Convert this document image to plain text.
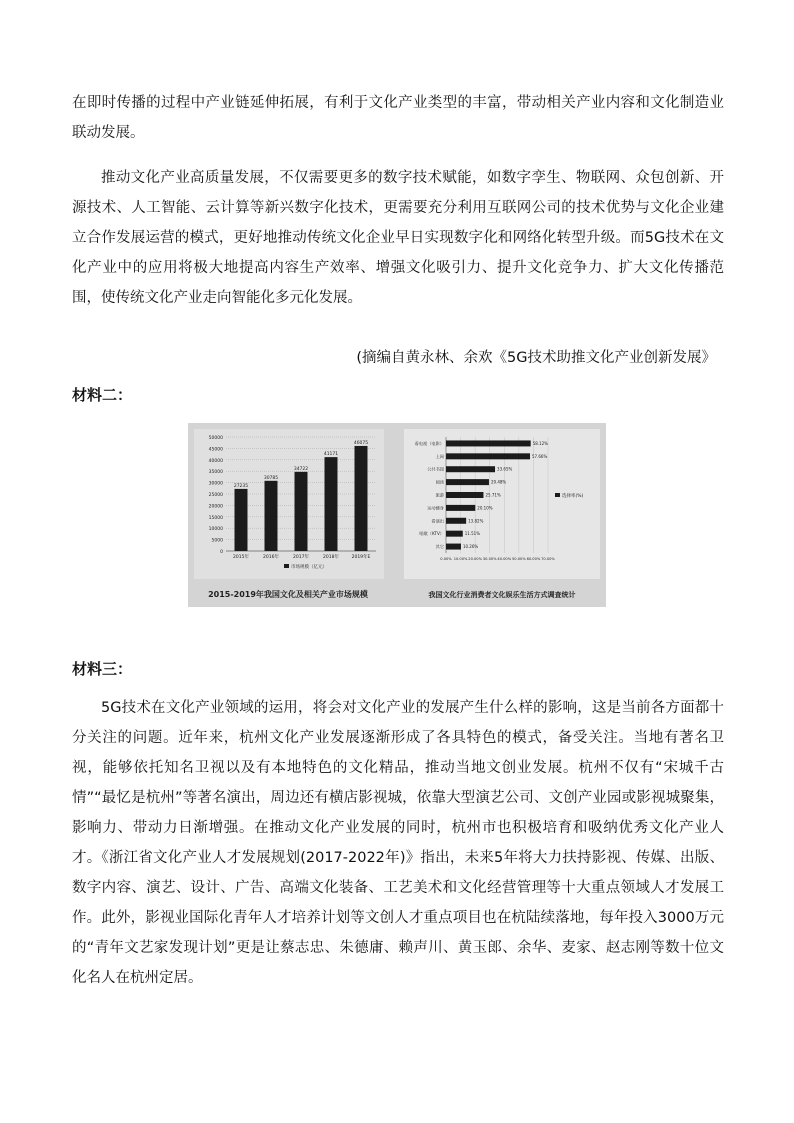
在即时传播的过程中产业链延伸拓展，有利于文化产业类型的丰富，带动相关产业内容和文化制造业联动发展。

推动文化产业高质量发展，不仅需要更多的数字技术赋能，如数字孪生、物联网、众包创新、开源技术、人工智能、云计算等新兴数字化技术，更需要充分利用互联网公司的技术优势与文化企业建立合作发展运营的模式，更好地推动传统文化企业早日实现数字化和网络化转型升级。而5G技术在文化产业中的应用将极大地提高内容生产效率、增强文化吸引力、提升文化竞争力、扩大文化传播范围，使传统文化产业走向智能化多元化发展。

(摘编自黄永林、余欢《5G技术助推文化产业创新发展》
材料二：
0
5000
10000
15000
20000
25000
30000
35000
40000
45000
50000
27235
2015年
30785
2016年
34722
2017年
41171
2018年
46075
2019年E
市场规模（亿元）
0.00% 10.00% 20.00% 30.00% 40.00% 50.00% 60.00% 70.00%
58.12%
看电视（电影）
57.66%
上网
33.65%
公共书园
29.48%
阅读
25.71%
旅游
20.10%
运动健身
13.82%
看演出
11.51%
唱歌（KTV）
10.26%
其它
选择率(%)
2015-2019年我国文化及相关产业市场规模	我国文化行业消费者文化娱乐生活方式调查统计
材料三：

5G技术在文化产业领域的运用，将会对文化产业的发展产生什么样的影响，这是当前各方面都十分关注的问题。近年来，杭州文化产业发展逐渐形成了各具特色的模式，备受关注。当地有著名卫视，能够依托知名卫视以及有本地特色的文化精品，推动当地文创业发展。杭州不仅有“宋城千古情”“最忆是杭州”等著名演出，周边还有横店影视城，依靠大型演艺公司、文创产业园或影视城聚集，影响力、带动力日渐增强。在推动文化产业发展的同时，杭州市也积极培育和吸纳优秀文化产业人才。《浙江省文化产业人才发展规划(2017-2022年)》指出，未来5年将大力扶持影视、传媒、出版、数字内容、演艺、设计、广告、高端文化装备、工艺美术和文化经营管理等十大重点领域人才发展工作。此外，影视业国际化青年人才培养计划等文创人才重点项目也在杭陆续落地，每年投入3000万元的“青年文艺家发现计划”更是让蔡志忠、朱德庸、赖声川、黄玉郎、余华、麦家、赵志刚等数十位文化名人在杭州定居。
